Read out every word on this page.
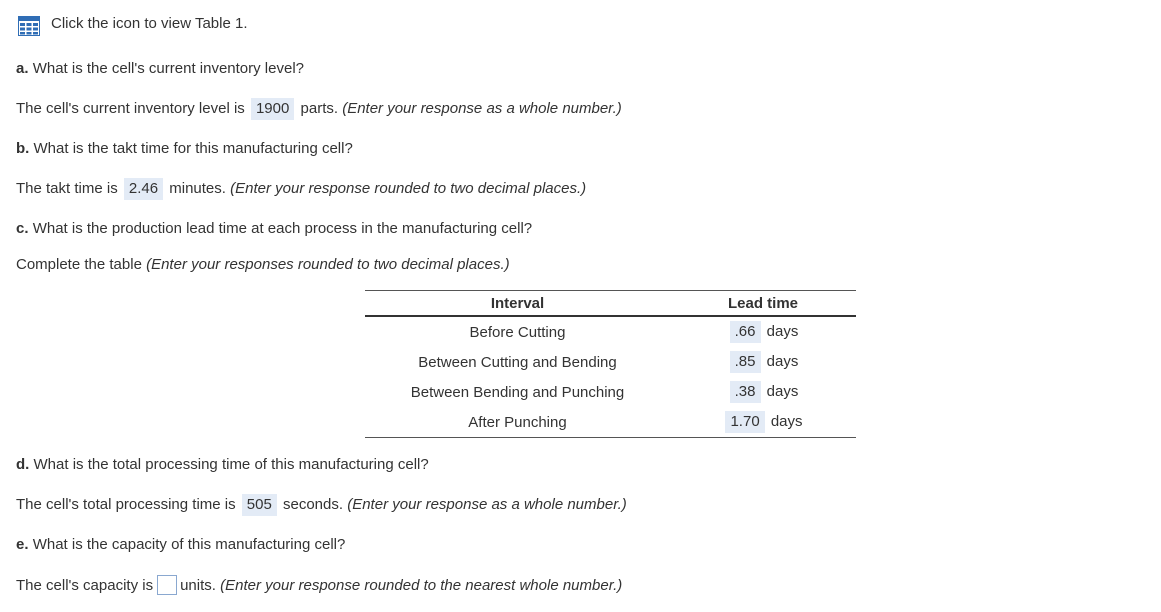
Click the icon to view Table 1.
a. What is the cell's current inventory level?
The cell's current inventory level is 1900 parts. (Enter your response as a whole number.)
b. What is the takt time for this manufacturing cell?
The takt time is 2.46 minutes. (Enter your response rounded to two decimal places.)
c. What is the production lead time at each process in the manufacturing cell?
Complete the table (Enter your responses rounded to two decimal places.)
Interval	Lead time
Before Cutting	.66 days
Between Cutting and Bending	.85 days
Between Bending and Punching	.38 days
After Punching	1.70 days
d. What is the total processing time of this manufacturing cell?
The cell's total processing time is 505 seconds. (Enter your response as a whole number.)
e. What is the capacity of this manufacturing cell?
The cell's capacity is units. (Enter your response rounded to the nearest whole number.)
